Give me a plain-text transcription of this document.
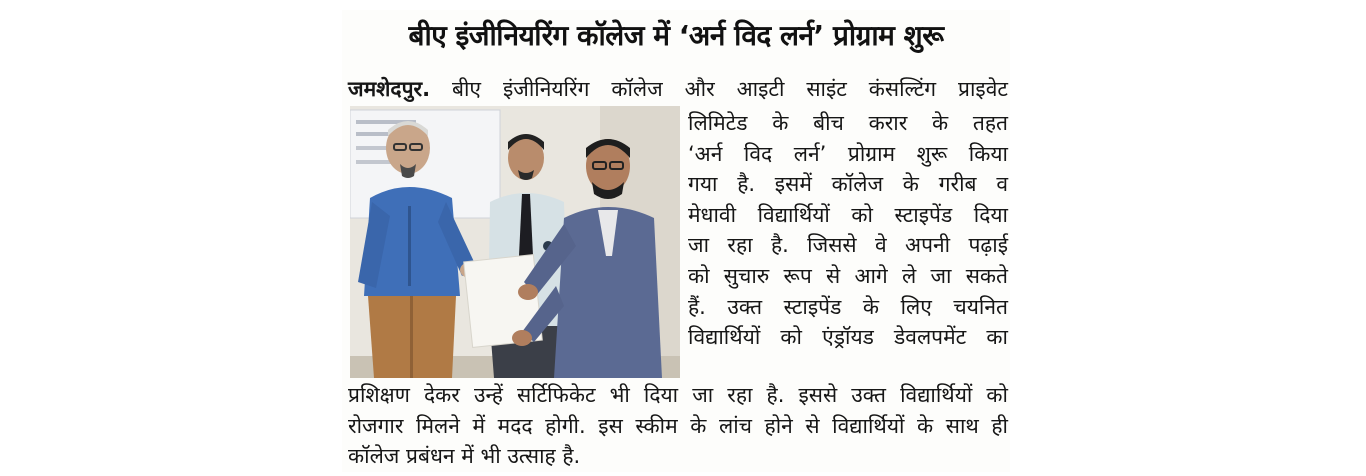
बीए इंजीनियरिंग कॉलेज में ‘अर्न विद लर्न’ प्रोग्राम शुरू
जमशेदपुर. बीए इंजीनियरिंग कॉलेज और आइटी साइंट कंसल्टिंग प्राइवेट
लिमिटेड के बीच करार के तहत
‘अर्न विद लर्न’ प्रोग्राम शुरू किया
गया है. इसमें कॉलेज के गरीब व
मेधावी विद्यार्थियों को स्टाइपेंड दिया
जा रहा है. जिससे वे अपनी पढ़ाई
को सुचारु रूप से आगे ले जा सकते
हैं. उक्त स्टाइपेंड के लिए चयनित
विद्यार्थियों को एंड्रॉयड डेवलपमेंट का
प्रशिक्षण देकर उन्हें सर्टिफिकेट भी दिया जा रहा है. इससे उक्त विद्यार्थियों को
रोजगार मिलने में मदद होगी. इस स्कीम के लांच होने से विद्यार्थियों के साथ ही
कॉलेज प्रबंधन में भी उत्साह है.
